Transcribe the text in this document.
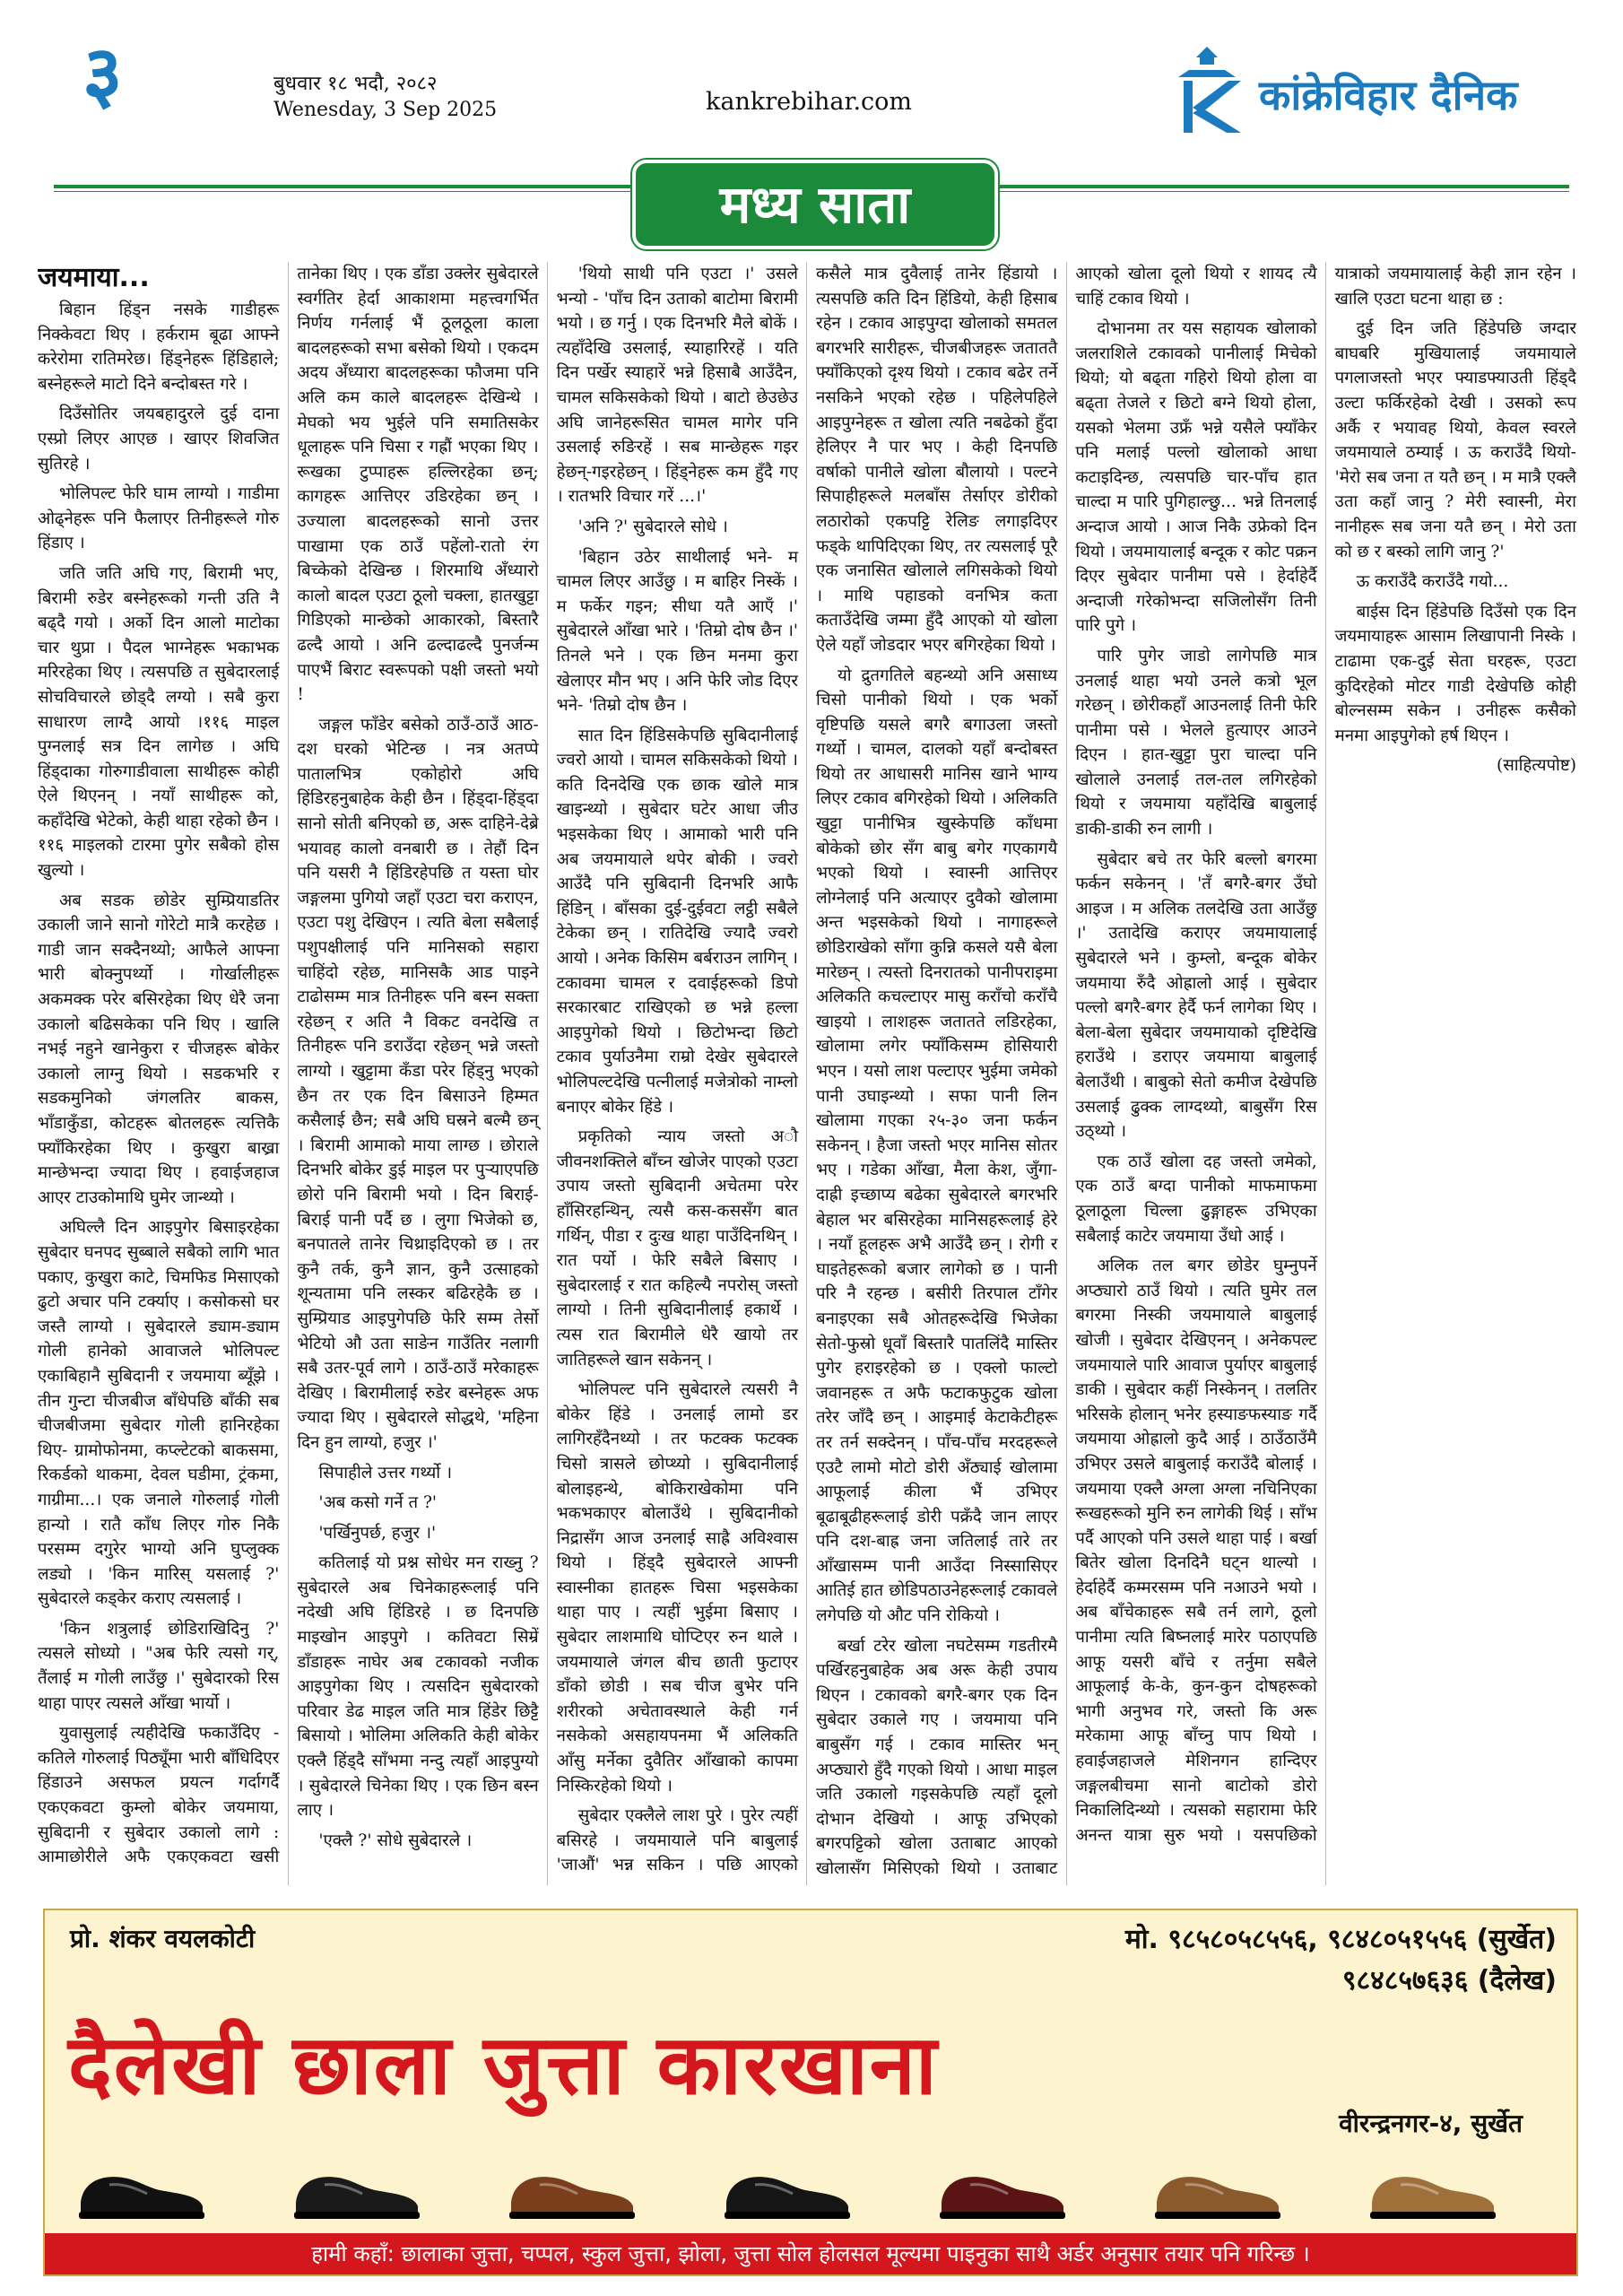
३	बुधवार १८ भदौ, २०८२
Wenesday, 3 Sep 2025	kankrebihar.com	कांक्रेविहार दैनिक
मध्य साता
जयमाया...

बिहान हिंड्न नसके गाडीहरू निक्केवटा थिए । हर्कराम बूढा आफ्ने करेरोमा रातिमरेछ। हिंड्नेहरू हिंडिहाले; बस्नेहरूले माटो दिने बन्दोबस्त गरे ।

दिउँसोतिर जयबहादुरले दुई दाना एस्प्रो लिएर आएछ । खाएर शिवजित सुतिरहे ।

भोलिपल्ट फेरि घाम लाग्यो । गाडीमा ओढ्नेहरू पनि फैलाएर तिनीहरूले गोरु हिंडाए ।

जति जति अघि गए, बिरामी भए, बिरामी रुडेर बस्नेहरूको गन्ती उति नै बढ्दै गयो । अर्को दिन आलो माटोका चार थुप्रा । पैदल भाग्नेहरू भकाभक मरिरहेका थिए । त्यसपछि त सुबेदारलाई सोचविचारले छोड्दै लग्यो । सबै कुरा साधारण लाग्दै आयो ।११६ माइल पुग्नलाई सत्र दिन लागेछ । अघि हिंड्दाका गोरुगाडीवाला साथीहरू कोही ऐले थिएनन् । नयाँ साथीहरू को, कहाँदेखि भेटेको, केही थाहा रहेको छैन । ११६ माइलको टारमा पुगेर सबैको होस खुल्यो ।

अब सडक छोडेर सुम्प्रियाडतिर उकाली जाने सानो गोरेटो मात्रै करहेछ । गाडी जान सक्दैनथ्यो; आफैले आफ्ना भारी बोक्नुपर्थ्यो । गोर्खालीहरू अकमक्क परेर बसिरहेका थिए धेरै जना उकालो बढिसकेका पनि थिए । खालि नभई नहुने खानेकुरा र चीजहरू बोकेर उकालो लाग्नु थियो । सडकभरि र सडकमुनिको जंगलतिर बाकस, भाँडाकुँडा, कोटहरू बोतलहरू त्यत्तिकै फ्याँकिरहेका थिए । कुखुरा बाख्रा मान्छेभन्दा ज्यादा थिए । हवाईजहाज आएर टाउकोमाथि घुमेर जान्थ्यो ।

अघिल्लै दिन आइपुगेर बिसाइरहेका सुबेदार घनपद सुब्बाले सबैको लागि भात पकाए, कुखुरा काटे, चिमफिड मिसाएको ढुटो अचार पनि टर्क्याए । कसोकसो घर जस्तै लाग्यो । सुबेदारले ड्याम-ड्याम गोली हानेको आवाजले भोलिपल्ट एकाबिहानै सुबिदानी र जयमाया ब्यूँझे । तीन गुन्टा चीजबीज बाँधेपछि बाँकी सब चीजबीजमा सुबेदार गोली हानिरहेका थिए- ग्रामोफोनमा, कप्ल्टेटको बाकसमा, रिकर्डको थाकमा, देवल घडीमा, ट्रंकमा, गाग्रीमा...। एक जनाले गोरुलाई गोली हान्यो । रातै काँध लिएर गोरु निकै परसम्म दगुरेर भाग्यो अनि घुप्लुक्क लड्यो । 'किन मारिस् यसलाई ?' सुबेदारले कड्केर कराए त्यसलाई ।

'किन शत्रुलाई छोडिराखिदिनु ?' त्यसले सोध्यो । "अब फेरि त्यसो गर्, तैंलाई म गोली लाउँछु ।' सुबेदारको रिस थाहा पाएर त्यसले आँखा भार्यो ।

युवासुलाई त्यहीदेखि फकाउँदिए - कतिले गोरुलाई पिठ्यूँमा भारी बाँधिदिएर हिंडाउने असफल प्रयत्न गर्दागर्दै एकएकवटा कुम्लो बोकेर जयमाया, सुबिदानी र सुबेदार उकालो लागे : आमाछोरीले अफै एकएकवटा खसी तानेका थिए । एक डाँडा उक्लेर सुबेदारले स्वर्गतिर हेर्दा आकाशमा महत्त्वगर्भित निर्णय गर्नलाई भैं ठूलठूला काला बादलहरूको सभा बसेको थियो । एकदम अदय अँध्यारा बादलहरूका फौजमा पनि अलि कम काले बादलहरू देखिन्थे । मेघको भय भुईले पनि समातिसकेर धूलाहरू पनि चिसा र गह्रौं भएका थिए । रूखका टुप्पाहरू हल्लिरहेका छन्; कागहरू आत्तिएर उडिरहेका छन् । उज्याला बादलहरूको सानो उत्तर पाखामा एक ठाउँ पहेंलो-रातो रंग बिच्केको देखिन्छ । शिरमाथि अँध्यारो कालो बादल एउटा ठूलो चक्ला, हातखुट्टा गिडिएको मान्छेको आकारको, बिस्तारै ढल्दै आयो । अनि ढल्दाढल्दै पुनर्जन्म पाएभैं बिराट स्वरूपको पक्षी जस्तो भयो !

जङ्गल फाँडेर बसेको ठाउँ-ठाउँ आठ-दश घरको भेटिन्छ । नत्र अतप्पे पातालभित्र एकोहोरो अघि हिंडिरहनुबाहेक केही छैन । हिंड्दा-हिंड्दा सानो सोती बनिएको छ, अरू दाहिने-देब्रे भयावह कालो वनबारी छ । तेहौं दिन पनि यसरी नै हिंडिरहेपछि त यस्ता घोर जङ्गलमा पुगियो जहाँ एउटा चरा कराएन, एउटा पशु देखिएन । त्यति बेला सबैलाई पशुपक्षीलाई पनि मानिसको सहारा चाहिंदो रहेछ, मानिसकै आड पाइने टाढोसम्म मात्र तिनीहरू पनि बस्न सक्ता रहेछन् र अति नै विकट वनदेखि त तिनीहरू पनि डराउँदा रहेछन् भन्ने जस्तो लाग्यो । खुट्टामा कँडा परेर हिंड्नु भएको छैन तर एक दिन बिसाउने हिम्मत कसैलाई छैन; सबै अघि घस्रने बल्मै छन् । बिरामी आमाको माया लाग्छ । छोराले दिनभरि बोकेर डुई माइल पर पुऱ्याएपछि छोरो पनि बिरामी भयो । दिन बिराई-बिराई पानी पर्दै छ । लुगा भिजेको छ, बनपातले तानेर चिथ्राइदिएको छ । तर कुनै तर्क, कुनै ज्ञान, कुनै उत्साहको शून्यतामा पनि लस्कर बढिरहेकै छ । सुम्प्रियाड आइपुगेपछि फेरि सम्म तेर्सो भेटियो औ उता साङेन गाउँतिर नलागी सबै उतर-पूर्व लागे । ठाउँ-ठाउँ मरेकाहरू देखिए । बिरामीलाई रुडेर बस्नेहरू अफ ज्यादा थिए । सुबेदारले सोद्धथे, 'महिना दिन हुन लाग्यो, हजुर ।'

सिपाहीले उत्तर गर्थ्यो ।

'अब कसो गर्ने त ?'

'पर्खिनुपर्छ, हजुर ।'

कतिलाई यो प्रश्न सोधेर मन राख्नु ? सुबेदारले अब चिनेकाहरूलाई पनि नदेखी अघि हिंडिरहे । छ दिनपछि माइखोन आइपुगे । कतिवटा सिम्रें डाँडाहरू नाघेर अब टकावको नजीक आइपुगेका थिए । त्यसदिन सुबेदारको परिवार डेढ माइल जति मात्र हिंडेर छिट्टै बिसायो । भोलिमा अलिकति केही बोकेर एक्लै हिंड्दै साँभमा नन्दु त्यहाँ आइपुग्यो । सुबेदारले चिनेका थिए । एक छिन बस्न लाए ।

'एक्लै ?' सोधे सुबेदारले ।

'थियो साथी पनि एउटा ।' उसले भन्यो - 'पाँच दिन उताको बाटोमा बिरामी भयो । छ गर्नु । एक दिनभरि मैले बोकें । त्यहाँदेखि उसलाई, स्याहारिरहें । यति दिन पर्खेर स्याहारें भन्ने हिसाबै आउँदैन, चामल सकिसकेको थियो । बाटो छेउछेउ अघि जानेहरूसित चामल मागेर पनि उसलाई रुङिरहें । सब मान्छेहरू गइर हेछन्-गइरहेछन् । हिंड्नेहरू कम हुँदै गए । रातभरि विचार गरें ...।'

'अनि ?' सुबेदारले सोधे ।

'बिहान उठेर साथीलाई भने- म चामल लिएर आउँछु । म बाहिर निस्कें । म फर्केर गइन; सीधा यतै आएँ ।' सुबेदारले आँखा भारे । 'तिम्रो दोष छैन ।' तिनले भने । एक छिन मनमा कुरा खेलाएर मौन भए । अनि फेरि जोड दिएर भने- 'तिम्रो दोष छैन ।

सात दिन हिंडिसकेपछि सुबिदानीलाई ज्वरो आयो । चामल सकिसकेको थियो । कति दिनदेखि एक छाक खोले मात्र खाइन्थ्यो । सुबेदार घटेर आधा जीउ भइसकेका थिए । आमाको भारी पनि अब जयमायाले थपेर बोकी । ज्वरो आउँदै पनि सुबिदानी दिनभरि आफै हिंडिन् । बाँसका दुई-दुईवटा लट्ठी सबैले टेकेका छन् । रातिदेखि ज्यादै ज्वरो आयो । अनेक किसिम बर्बराउन लागिन् । टकावमा चामल र दवाईहरूको डिपो सरकारबाट राखिएको छ भन्ने हल्ला आइपुगेको थियो । छिटोभन्दा छिटो टकाव पुर्याउनैमा राम्रो देखेर सुबेदारले भोलिपल्टदेखि पत्नीलाई मजेत्रोको नाम्लो बनाएर बोकेर हिंडे ।

प्रकृतिको न्याय जस्तो अौ जीवनशक्तिले बाँच्न खोजेर पाएको एउटा उपाय जस्तो सुबिदानी अचेतमा परेर हाँसिरहन्थिन्, त्यसै कस-कससँग बात गर्थिन्, पीडा र दुःख थाहा पाउँदिनथिन् । रात पर्यो । फेरि सबैले बिसाए । सुबेदारलाई र रात कहिल्यै नपरोस् जस्तो लाग्यो । तिनी सुबिदानीलाई हकार्थे । त्यस रात बिरामीले धेरै खायो तर जातिहरूले खान सकेनन् ।

भोलिपल्ट पनि सुबेदारले त्यसरी नै बोकेर हिंडे । उनलाई लामो डर लागिरहँदैनथ्यो । तर फटक्क फटक्क चिसो त्रासले छोप्थ्यो । सुबिदानीलाई बोलाइहन्थे, बोकिराखेकोमा पनि भकभकाएर बोलाउँथे । सुबिदानीको निद्रासँग आज उनलाई साह्रै अविश्वास थियो । हिंड्दै सुबेदारले आफ्नी स्वास्नीका हातहरू चिसा भइसकेका थाहा पाए । त्यहीं भुईमा बिसाए । सुबेदार लाशमाथि घोप्टिएर रुन थाले । जयमायाले जंगल बीच छाती फुटाएर डाँको छोडी । सब चीज बुभेर पनि शरीरको अचेतावस्थाले केही गर्न नसकेको असहायपनमा भैं अलिकति आँसु मर्नेका दुवैतिर आँखाको कापमा निस्किरहेको थियो ।

सुबेदार एक्लैले लाश पुरे । पुरेर त्यहीं बसिरहे । जयमायाले पनि बाबुलाई 'जाऔं' भन्न सकिन । पछि आएको कसैले मात्र दुवैलाई तानेर हिंडायो । त्यसपछि कति दिन हिंडियो, केही हिसाब रहेन । टकाव आइपुग्दा खोलाको समतल बगरभरि सारीहरू, चीजबीजहरू जताततै फ्याँकिएको दृश्य थियो । टकाव बढेर तर्ने नसकिने भएको रहेछ । पहिलेपहिले आइपुग्नेहरू त खोला त्यति नबढेको हुँदा हेलिएर नै पार भए । केही दिनपछि वर्षाको पानीले खोला बौलायो । पल्टने सिपाहीहरूले मलबाँस तेर्साएर डोरीको लठारोको एकपट्टि रेलिङ लगाइदिएर फड्के थापिदिएका थिए, तर त्यसलाई पूरै एक जनासित खोलाले लगिसकेको थियो । माथि पहाडको वनभित्र कता कताउँदेखि जम्मा हुँदै आएको यो खोला ऐले यहाँ जोडदार भएर बगिरहेका थियो ।

यो द्रुतगतिले बहन्थ्यो अनि असाध्य चिसो पानीको थियो । एक भर्को वृष्टिपछि यसले बगरै बगाउला जस्तो गर्थ्यो । चामल, दालको यहाँ बन्दोबस्त थियो तर आधासरी मानिस खाने भाग्य लिएर टकाव बगिरहेको थियो । अलिकति खुट्टा पानीभित्र खुस्केपछि काँधमा बोकेको छोर सँग बाबु बगेर गएकागयै भएको थियो । स्वास्नी आत्तिएर लोग्नेलाई पनि अत्याएर दुवैको खोलामा अन्त भइसकेको थियो । नागाहरूले छोडिराखेको साँगा कुन्नि कसले यसै बेला मारेछन् । त्यस्तो दिनरातको पानीपराइमा अलिकति कचल्टाएर मासु कराँचो कराँचै खाइयो । लाशहरू जतातते लडिरहेका, खोलामा लगेर फ्याँकिसम्म होसियारी भएन । यसो लाश पल्टाएर भुईमा जमेको पानी उघाइन्थ्यो । सफा पानी लिन खोलामा गएका २५-३० जना फर्कन सकेनन् । हैजा जस्तो भएर मानिस सोतर भए । गडेका आँखा, मैला केश, जुँगा-दाह्री इच्छाप्य बढेका सुबेदारले बगरभरि बेहाल भर बसिरहेका मानिसहरूलाई हेरे । नयाँ हूलहरू अभै आउँदै छन् । रोगी र घाइतेहरूको बजार लागेको छ । पानी परि नै रहन्छ । बसीरी तिरपाल टाँगेर बनाइएका सबै ओतहरूदेखि भिजेका सेतो-फुस्रो धूवाँ बिस्तारै पातलिंदै मास्तिर पुगेर हराइरहेको छ । एक्लो फाल्टो जवानहरू त अफै फटाकफुटुक खोला तरेर जाँदै छन् । आइमाई केटाकेटीहरू तर तर्न सक्देनन् । पाँच-पाँच मरदहरूले एउटै लामो मोटो डोरी अँठ्याई खोलामा आफूलाई कीला भैं उभिएर बूढाबूढीहरूलाई डोरी पक्रँदै जान लाएर पनि दश-बाह्र जना जतिलाई तारे तर आँखासम्म पानी आउँदा निस्सासिएर आतिई हात छोडिपठाउनेहरूलाई टकावले लगेपछि यो औट पनि रोकियो ।

बर्खा टरेर खोला नघटेसम्म गडतीरमै पर्खिरहनुबाहेक अब अरू केही उपाय थिएन । टकावको बगरै-बगर एक दिन सुबेदार उकाले गए । जयमाया पनि बाबुसँग गई । टकाव मास्तिर भन् अप्ठ्यारो हुँदै गएको थियो । आधा माइल जति उकालो गइसकेपछि त्यहाँ दूलो दोभान देखियो । आफू उभिएको बगरपट्टिको खोला उताबाट आएको खोलासँग मिसिएको थियो । उताबाट आएको खोला दूलो थियो र शायद त्यै चाहिं टकाव थियो ।

दोभानमा तर यस सहायक खोलाको जलराशिले टकावको पानीलाई मिचेको थियो; यो बढ्ता गहिरो थियो होला वा बढ्ता तेजले र छिटो बग्ने थियो होला, यसको भेलमा उफ्रँ भन्ने यसैले फ्याँकेर पनि मलाई पल्लो खोलाको आधा कटाइदिन्छ, त्यसपछि चार-पाँच हात चाल्दा म पारि पुगिहाल्छु... भन्ने तिनलाई अन्दाज आयो । आज निकै उफ्रेको दिन थियो । जयमायालाई बन्दूक र कोट पक्रन दिएर सुबेदार पानीमा पसे । हेर्दाहेर्दै अन्दाजी गरेकोभन्दा सजिलोसँग तिनी पारि पुगे ।

पारि पुगेर जाडो लागेपछि मात्र उनलाई थाहा भयो उनले कत्रो भूल गरेछन् । छोरीकहाँ आउनलाई तिनी फेरि पानीमा पसे । भेलले हुत्याएर आउने दिएन । हात-खुट्टा पुरा चाल्दा पनि खोलाले उनलाई तल-तल लगिरहेको थियो र जयमाया यहाँदेखि बाबुलाई डाकी-डाकी रुन लागी ।

सुबेदार बचे तर फेरि बल्लो बगरमा फर्कन सकेनन् । 'तँ बगरै-बगर उँघो आइज । म अलिक तलदेखि उता आउँछु ।' उतादेखि कराएर जयमायालाई सुबेदारले भने । कुम्लो, बन्दूक बोकेर जयमाया रुँदै ओह्रालो आई । सुबेदार पल्लो बगरै-बगर हेर्दै फर्न लागेका थिए । बेला-बेला सुबेदार जयमायाको दृष्टिदेखि हराउँथे । डराएर जयमाया बाबुलाई बेलाउँथी । बाबुको सेतो कमीज देखेपछि उसलाई ढुक्क लाग्दथ्यो, बाबुसँग रिस उठ्थ्यो ।

एक ठाउँ खोला दह जस्तो जमेको, एक ठाउँ बग्दा पानीको माफमाफमा ठूलाठूला चिल्ला ढुङ्गाहरू उभिएका सबैलाई काटेर जयमाया उँधो आई ।

अलिक तल बगर छोडेर घुम्नुपर्ने अप्ठ्यारो ठाउँ थियो । त्यति घुमेर तल बगरमा निस्की जयमायाले बाबुलाई खोजी । सुबेदार देखिएनन् । अनेकपल्ट जयमायाले पारि आवाज पुर्याएर बाबुलाई डाकी । सुबेदार कहीं निस्केनन् । तलतिर भरिसके होलान् भनेर हस्याङफस्याङ गर्दै जयमाया ओह्रालो कुदै आई । ठाउँठाउँमै उभिएर उसले बाबुलाई कराउँदै बोलाई । जयमाया एक्लै अग्ला अग्ला नचिनिएका रूखहरूको मुनि रुन लागेकी थिई । साँभ पर्दै आएको पनि उसले थाहा पाई । बर्खा बितेर खोला दिनदिनै घट्न थाल्यो । हेर्दाहेर्दै कम्मरसम्म पनि नआउने भयो । अब बाँचेकाहरू सबै तर्न लागे, ठूलो पानीमा त्यति बिष्नलाई मारेर पठाएपछि आफू यसरी बाँचे र तर्नुमा सबैले आफूलाई के-के, कुन-कुन दोषहरूको भागी अनुभव गरे, जस्तो कि अरू मरेकामा आफू बाँच्नु पाप थियो । हवाईजहाजले मेशिनगन हान्दिएर जङ्गलबीचमा सानो बाटोको डोरो निकालिदिन्थ्यो । त्यसको सहारामा फेरि अनन्त यात्रा सुरु भयो । यसपछिको यात्राको जयमायालाई केही ज्ञान रहेन । खालि एउटा घटना थाहा छ :

दुई दिन जति हिंडेपछि जग्दार बाघबरि मुखियालाई जयमायाले पगलाजस्तो भएर फ्याडफ्याउती हिंड्दै उल्टा फर्किरहेको देखी । उसको रूप अर्कै र भयावह थियो, केवल स्वरले जयमायाले ठम्याई । ऊ कराउँदै थियो- 'मेरो सब जना त यतै छन् । म मात्रै एक्लै उता कहाँ जानु ? मेरी स्वास्नी, मेरा नानीहरू सब जना यतै छन् । मेरो उता को छ र बस्को लागि जानु ?'

ऊ कराउँदै कराउँदै गयो...

बाईस दिन हिंडेपछि दिउँसो एक दिन जयमायाहरू आसाम लिखापानी निस्के । टाढामा एक-दुई सेता घरहरू, एउटा कुदिरहेको मोटर गाडी देखेपछि कोही बोल्नसम्म सकेन । उनीहरू कसैको मनमा आइपुगेको हर्ष थिएन ।

(साहित्यपोष्ट)
प्रो. शंकर वयलकोटी	मो. ९८५८०५८५५६, ९८४८०५१५५६ (सुर्खेत)
९८४८५७६३६ (दैलेख)
दैलेखी छाला जुत्ता कारखाना
वीरन्द्रनगर-४, सुर्खेत
हामी कहाँ: छालाका जुत्ता, चप्पल, स्कुल जुत्ता, झोला, जुत्ता सोल होलसल मूल्यमा पाइनुका साथै अर्डर अनुसार तयार पनि गरिन्छ ।
